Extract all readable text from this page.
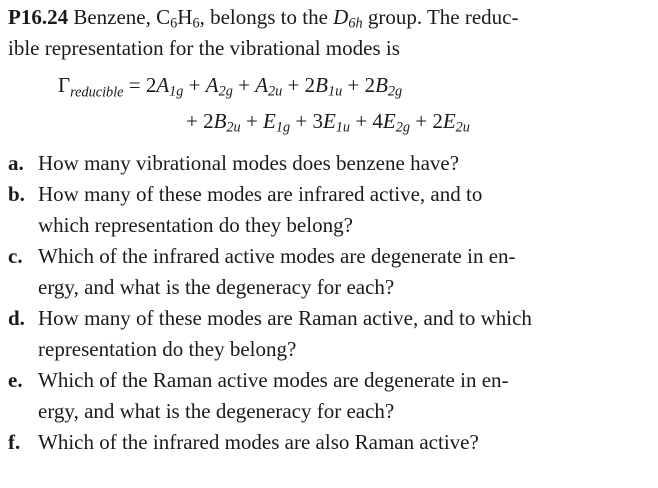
P16.24 Benzene, $C_6H_6$, belongs to the $D_{6h}$ group. The reduc-
ible representation for the vibrational modes is

$\Gamma_{reducible} = 2A_{1g} + A_{2g} + A_{2u} + 2B_{1u} + 2B_{2g}$
+ $2B_{2u} + E_{1g} + 3E_{1u} + 4E_{2g} + 2E_{2u}$
a. How many vibrational modes does benzene have?
b. How many of these modes are infrared active, and to
which representation do they belong?
c. Which of the infrared active modes are degenerate in en-
ergy, and what is the degeneracy for each?
d. How many of these modes are Raman active, and to which
representation do they belong?
e. Which of the Raman active modes are degenerate in en-
ergy, and what is the degeneracy for each?
f. Which of the infrared modes are also Raman active?
